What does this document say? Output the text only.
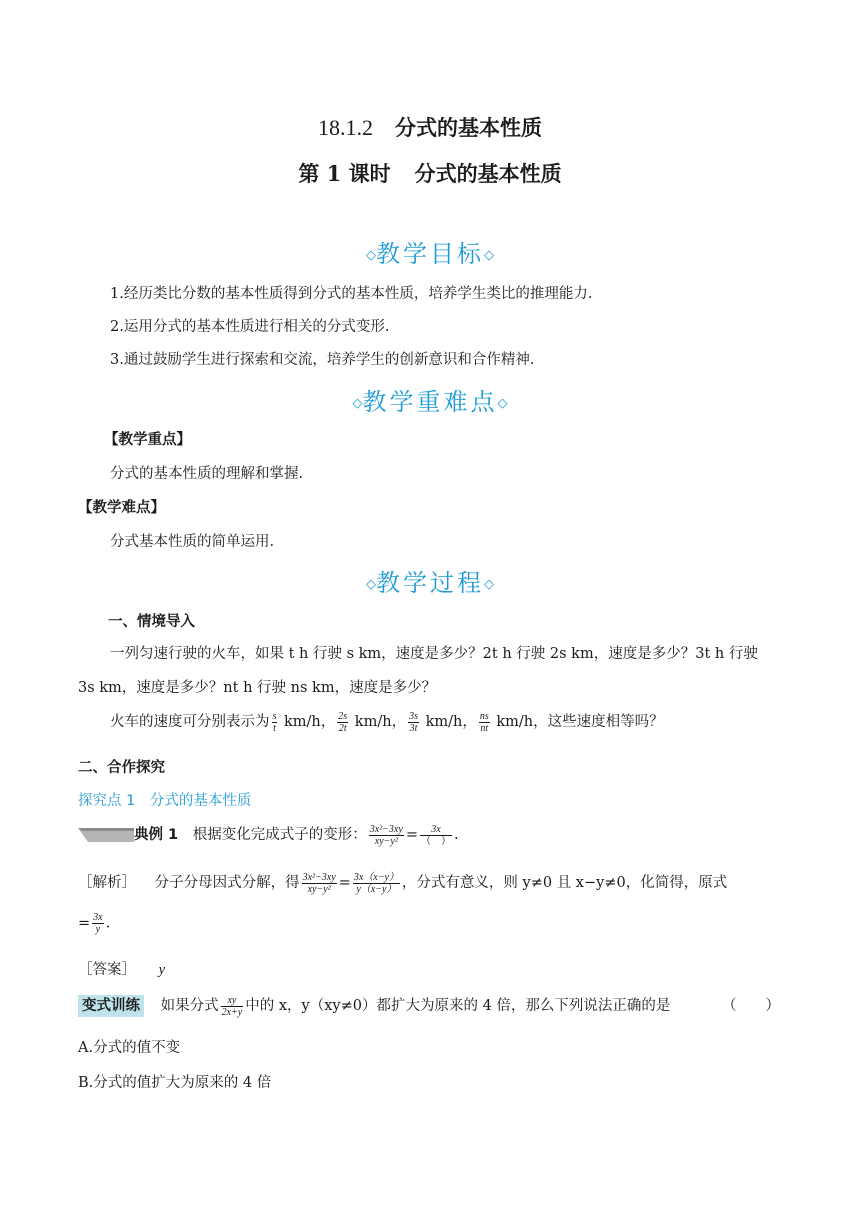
18.1.2 分式的基本性质
第 1 课时 分式的基本性质
◇教学目标◇
1.经历类比分数的基本性质得到分式的基本性质，培养学生类比的推理能力.
2.运用分式的基本性质进行相关的分式变形.
3.通过鼓励学生进行探索和交流，培养学生的创新意识和合作精神.
◇教学重难点◇
【教学重点】
分式的基本性质的理解和掌握.
【教学难点】
分式基本性质的简单运用.
◇教学过程◇
一、情境导入
一列匀速行驶的火车，如果 t h 行驶 s km，速度是多少？2t h 行驶 2s km，速度是多少？3t h 行驶
3s km，速度是多少？nt h 行驶 ns km，速度是多少？
火车的速度可分别表示为 $\frac{s}{t} km/h$， $\frac{2s}{2t} km/h$， $\frac{3s}{3t} km/h$， $\frac{ns}{nt} km/h$，这些速度相等吗？
二、合作探究
探究点 1　分式的基本性质
典例 1 根据变化完成式子的变形： $\frac{\text{3x²−3xy}}{\text{xy−y²}} = \frac{3x}{( )}$ .
［解析］ 分子分母因式分解，得 $\frac{\text{3x²−3xy}}{\text{xy−y²}} = \frac{3x(x-y)}{y(x-y)}$ ，分式有意义，则 y≠0 且 x−y≠0，化简得，原式
= $\frac{3x}{y}$ .
［答案］ y
变式训练 如果分式 $\frac{xy}{2x+y}$ 中的 x，y（xy≠0）都扩大为原来的 4 倍，那么下列说法正确的是	（　　）
A.分式的值不变
B.分式的值扩大为原来的 4 倍
